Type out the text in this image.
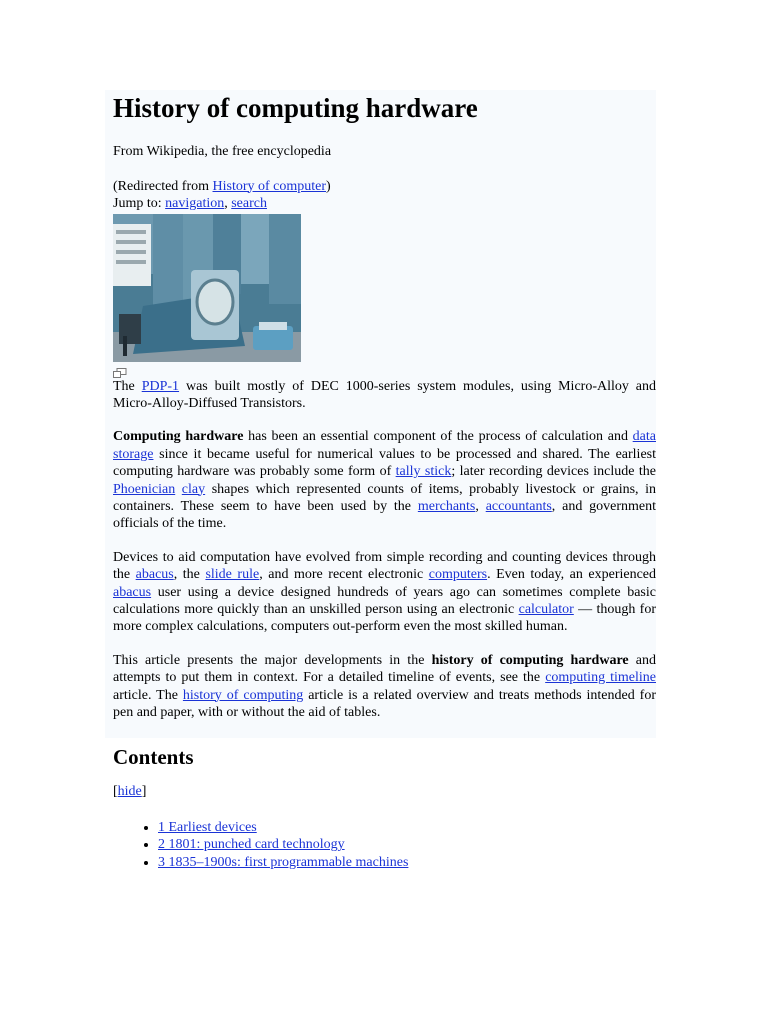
History of computing hardware

From Wikipedia, the free encyclopedia

(Redirected from History of computer)

Jump to: navigation, search

The PDP-1 was built mostly of DEC 1000-series system modules, using Micro-Alloy and Micro-Alloy-Diffused Transistors.

Computing hardware has been an essential component of the process of calculation and data storage since it became useful for numerical values to be processed and shared. The earliest computing hardware was probably some form of tally stick; later recording devices include the Phoenician clay shapes which represented counts of items, probably livestock or grains, in containers. These seem to have been used by the merchants, accountants, and government officials of the time.

Devices to aid computation have evolved from simple recording and counting devices through the abacus, the slide rule, and more recent electronic computers. Even today, an experienced abacus user using a device designed hundreds of years ago can sometimes complete basic calculations more quickly than an unskilled person using an electronic calculator — though for more complex calculations, computers out-perform even the most skilled human.

This article presents the major developments in the history of computing hardware and attempts to put them in context. For a detailed timeline of events, see the computing timeline article. The history of computing article is a related overview and treats methods intended for pen and paper, with or without the aid of tables.

Contents

[hide]

• 1 Earliest devices
• 2 1801: punched card technology
• 3 1835–1900s: first programmable machines
